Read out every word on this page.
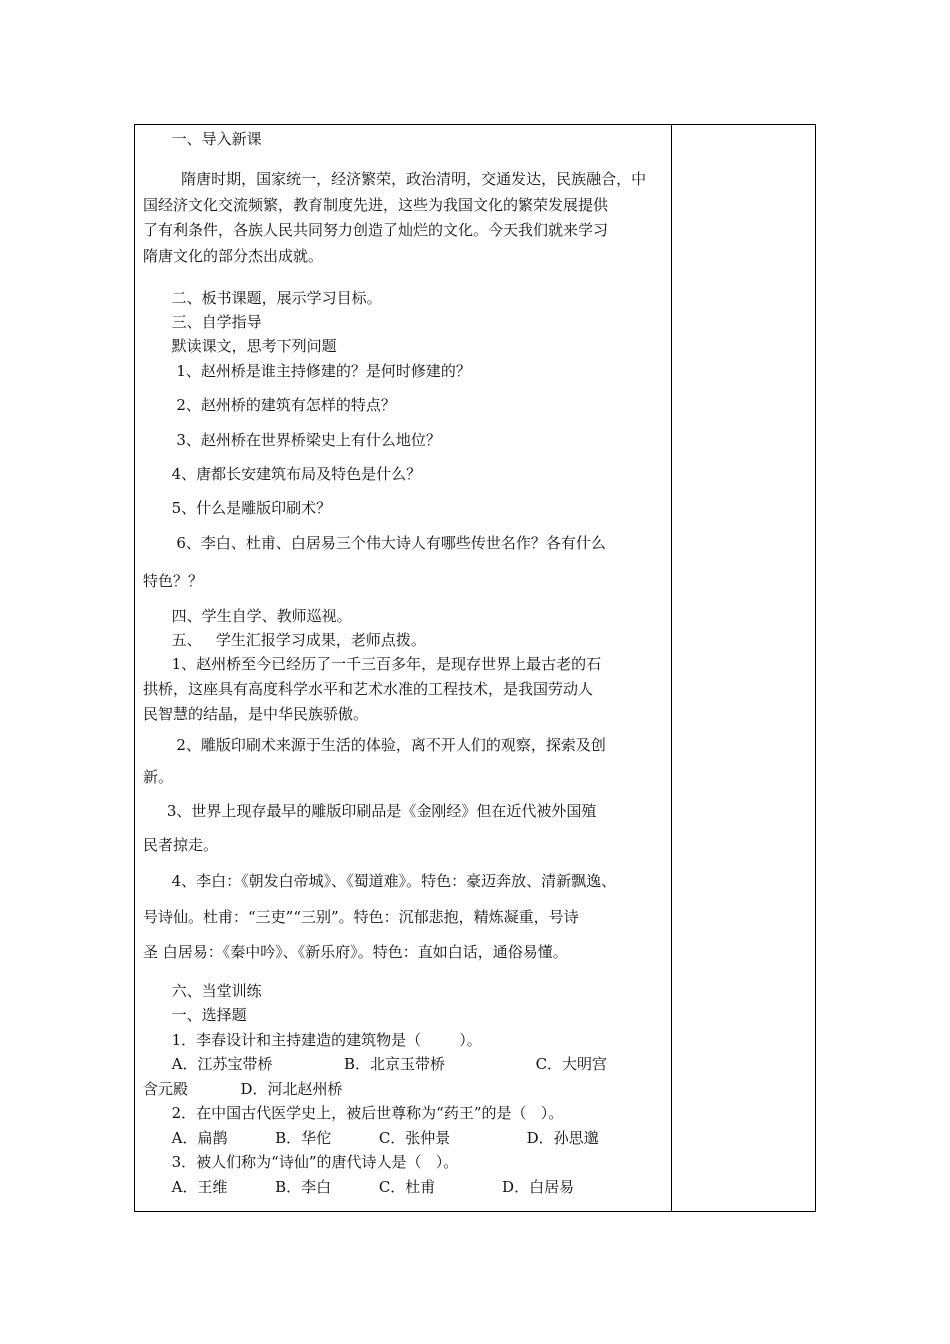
一、导入新课
隋唐时期，国家统一，经济繁荣，政治清明，交通发达，民族融合，中
国经济文化交流频繁，教育制度先进，这些为我国文化的繁荣发展提供
了有利条件，各族人民共同努力创造了灿烂的文化。今天我们就来学习
隋唐文化的部分杰出成就。
二、板书课题，展示学习目标。
三、自学指导
默读课文，思考下列问题
1、赵州桥是谁主持修建的？是何时修建的？
2、赵州桥的建筑有怎样的特点？
3、赵州桥在世界桥梁史上有什么地位？
4、唐都长安建筑布局及特色是什么？
5、什么是雕版印刷术？
6、李白、杜甫、白居易三个伟大诗人有哪些传世名作？各有什么
特色？？
四、学生自学、教师巡视。
五、   学生汇报学习成果，老师点拨。
1、赵州桥至今已经历了一千三百多年，是现存世界上最古老的石
拱桥，这座具有高度科学水平和艺术水准的工程技术，是我国劳动人
民智慧的结晶，是中华民族骄傲。
2、雕版印刷术来源于生活的体验，离不开人们的观察，探索及创
新。
3、世界上现存最早的雕版印刷品是《金刚经》但在近代被外国殖
民者掠走。
4、李白：《朝发白帝城》、《蜀道难》。特色：豪迈奔放、清新飘逸、
号诗仙。杜甫：“三吏”“三别”。特色：沉郁悲抱，精炼凝重，号诗
圣 白居易：《秦中吟》、《新乐府》。特色：直如白话，通俗易懂。
六、当堂训练
一、选择题
1．李春设计和主持建造的建筑物是（        ）。
A．江苏宝带桥               B．北京玉带桥                   C．大明宫
含元殿           D．河北赵州桥
2．在中国古代医学史上，被后世尊称为“药王”的是（   ）。
A．扁鹊          B．华佗          C．张仲景                D．孙思邈
3．被人们称为“诗仙”的唐代诗人是（   ）。
A．王维          B．李白          C．杜甫              D．白居易
